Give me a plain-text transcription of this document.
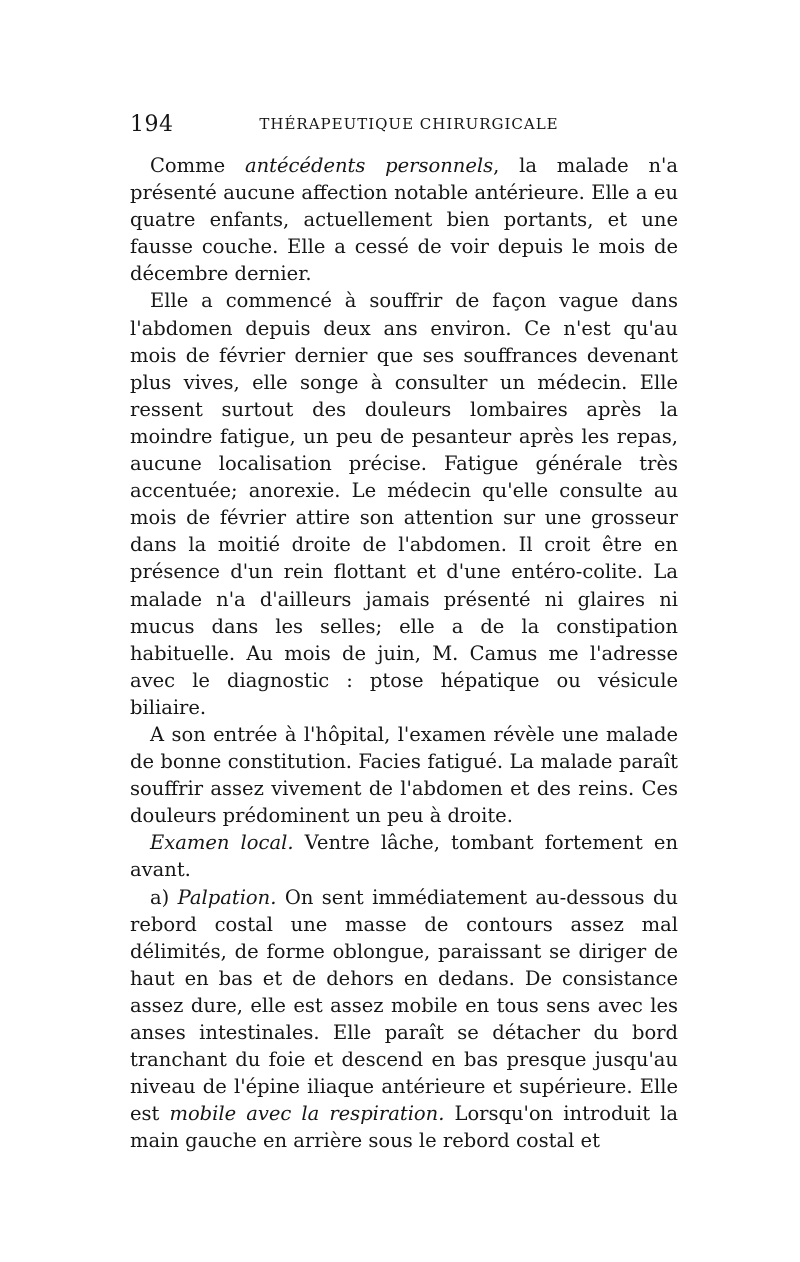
194	THÉRAPEUTIQUE CHIRURGICALE

Comme antécédents personnels, la malade n'a présenté aucune affection notable antérieure. Elle a eu quatre enfants, actuellement bien portants, et une fausse couche. Elle a cessé de voir depuis le mois de décembre dernier.

Elle a commencé à souffrir de façon vague dans l'abdomen depuis deux ans environ. Ce n'est qu'au mois de février dernier que ses souffrances devenant plus vives, elle songe à consulter un médecin. Elle ressent surtout des douleurs lombaires après la moindre fatigue, un peu de pesanteur après les repas, aucune localisation précise. Fatigue générale très accentuée; anorexie. Le médecin qu'elle consulte au mois de février attire son attention sur une grosseur dans la moitié droite de l'abdomen. Il croit être en présence d'un rein flottant et d'une entéro-colite. La malade n'a d'ailleurs jamais présenté ni glaires ni mucus dans les selles; elle a de la constipation habituelle. Au mois de juin, M. Camus me l'adresse avec le diagnostic : ptose hépatique ou vésicule biliaire.

A son entrée à l'hôpital, l'examen révèle une malade de bonne constitution. Facies fatigué. La malade paraît souffrir assez vivement de l'abdomen et des reins. Ces douleurs prédominent un peu à droite.

Examen local. Ventre lâche, tombant fortement en avant.

a) Palpation. On sent immédiatement au-dessous du rebord costal une masse de contours assez mal délimités, de forme oblongue, paraissant se diriger de haut en bas et de dehors en dedans. De consistance assez dure, elle est assez mobile en tous sens avec les anses intestinales. Elle paraît se détacher du bord tranchant du foie et descend en bas presque jusqu'au niveau de l'épine iliaque antérieure et supérieure. Elle est mobile avec la respiration. Lorsqu'on introduit la main gauche en arrière sous le rebord costal et
